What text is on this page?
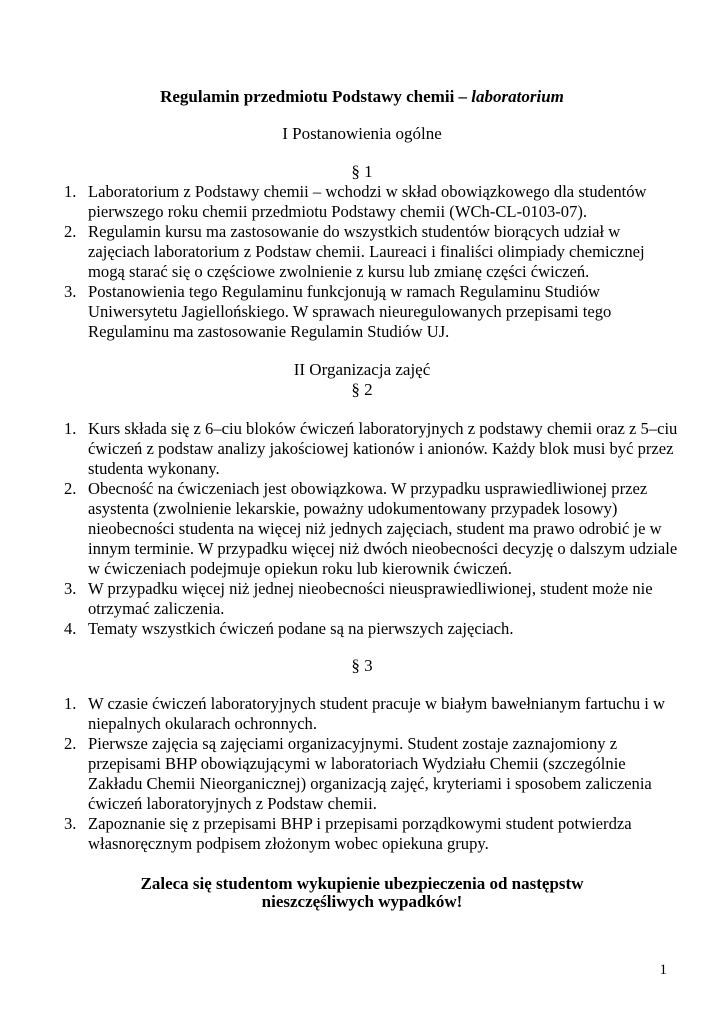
Regulamin przedmiotu Podstawy chemii – laboratorium
I Postanowienia ogólne
§ 1
1. Laboratorium z Podstawy chemii – wchodzi w skład obowiązkowego dla studentów pierwszego roku chemii przedmiotu Podstawy chemii (WCh-CL-0103-07).
2. Regulamin kursu ma zastosowanie do wszystkich studentów biorących udział w zajęciach laboratorium z Podstaw chemii. Laureaci i finaliści olimpiady chemicznej mogą starać się o częściowe zwolnienie z kursu lub zmianę części ćwiczeń.
3. Postanowienia tego Regulaminu funkcjonują w ramach Regulaminu Studiów Uniwersytetu Jagiellońskiego. W sprawach nieuregulowanych przepisami tego Regulaminu ma zastosowanie Regulamin Studiów UJ.
II Organizacja zajęć
§ 2
1. Kurs składa się z 6–ciu bloków ćwiczeń laboratoryjnych z podstawy chemii oraz z 5–ciu ćwiczeń z podstaw analizy jakościowej kationów i anionów. Każdy blok musi być przez studenta wykonany.
2. Obecność na ćwiczeniach jest obowiązkowa. W przypadku usprawiedliwionej przez asystenta (zwolnienie lekarskie, poważny udokumentowany przypadek losowy) nieobecności studenta na więcej niż jednych zajęciach, student ma prawo odrobić je w innym terminie. W przypadku więcej niż dwóch nieobecności decyzję o dalszym udziale w ćwiczeniach podejmuje opiekun roku lub kierownik ćwiczeń.
3. W przypadku więcej niż jednej nieobecności nieusprawiedliwionej, student może nie otrzymać zaliczenia.
4. Tematy wszystkich ćwiczeń podane są na pierwszych zajęciach.
§ 3
1. W czasie ćwiczeń laboratoryjnych student pracuje w białym bawełnianym fartuchu i w niepalnych okularach ochronnych.
2. Pierwsze zajęcia są zajęciami organizacyjnymi. Student zostaje zaznajomiony z przepisami BHP obowiązującymi w laboratoriach Wydziału Chemii (szczególnie Zakładu Chemii Nieorganicznej) organizacją zajęć, kryteriami i sposobem zaliczenia ćwiczeń laboratoryjnych z Podstaw chemii.
3. Zapoznanie się z przepisami BHP i przepisami porządkowymi student potwierdza własnoręcznym podpisem złożonym wobec opiekuna grupy.
Zaleca się studentom wykupienie ubezpieczenia od następstw
nieszczęśliwych wypadków!
1
